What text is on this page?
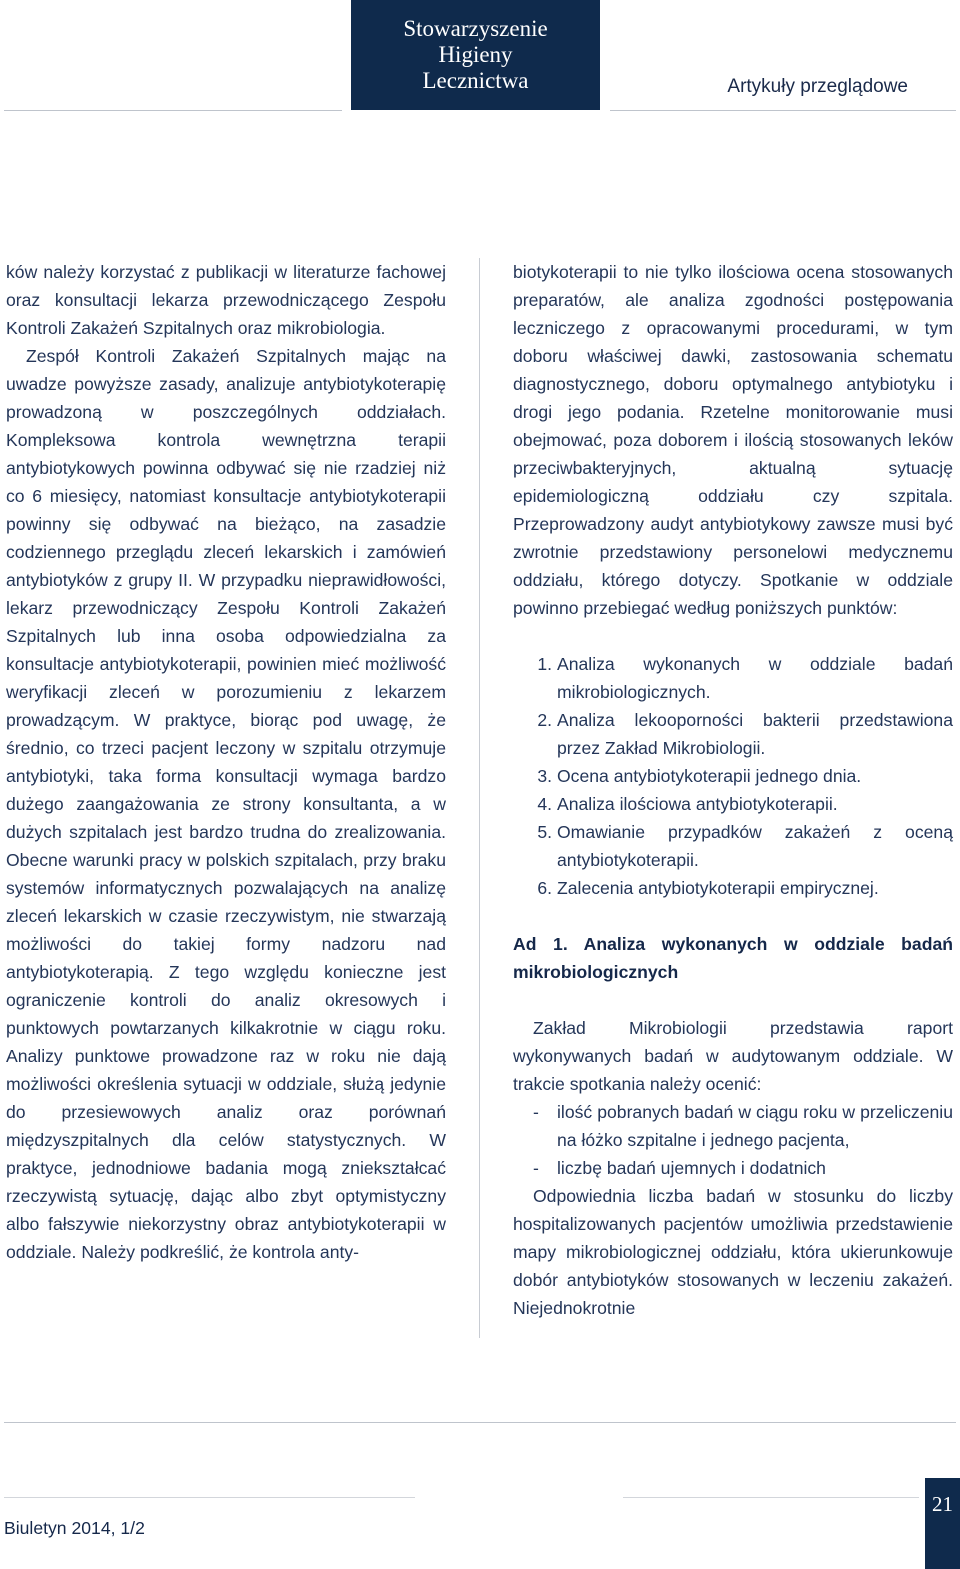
Stowarzyszenie
Higieny
Lecznictwa	Artykuły przeglądowe

ków należy korzystać z publikacji w literaturze fachowej oraz konsultacji lekarza przewodniczącego Zespołu Kontroli Zakażeń Szpitalnych oraz mikrobiologia.

Zespół Kontroli Zakażeń Szpitalnych mając na uwadze powyższe zasady, analizuje antybiotykoterapię prowadzoną w poszczególnych oddziałach. Kompleksowa kontrola wewnętrzna terapii antybiotykowych powinna odbywać się nie rzadziej niż co 6 miesięcy, natomiast konsultacje antybiotykoterapii powinny się odbywać na bieżąco, na zasadzie codziennego przeglądu zleceń lekarskich i zamówień antybiotyków z grupy II. W przypadku nieprawidłowości, lekarz przewodniczący Zespołu Kontroli Zakażeń Szpitalnych lub inna osoba odpowiedzialna za konsultacje antybiotykoterapii, powinien mieć możliwość weryfikacji zleceń w porozumieniu z lekarzem prowadzącym. W praktyce, biorąc pod uwagę, że średnio, co trzeci pacjent leczony w szpitalu otrzymuje antybiotyki, taka forma konsultacji wymaga bardzo dużego zaangażowania ze strony konsultanta, a w dużych szpitalach jest bardzo trudna do zrealizowania. Obecne warunki pracy w polskich szpitalach, przy braku systemów informatycznych pozwalających na analizę zleceń lekarskich w czasie rzeczywistym, nie stwarzają możliwości do takiej formy nadzoru nad antybiotykoterapią. Z tego względu konieczne jest ograniczenie kontroli do analiz okresowych i punktowych powtarzanych kilkakrotnie w ciągu roku. Analizy punktowe prowadzone raz w roku nie dają możliwości określenia sytuacji w oddziale, służą jedynie do przesiewowych analiz oraz porównań międzyszpitalnych dla celów statystycznych. W praktyce, jednodniowe badania mogą zniekształcać rzeczywistą sytuację, dając albo zbyt optymistyczny albo fałszywie niekorzystny obraz antybiotykoterapii w oddziale. Należy podkreślić, że kontrola anty-

biotykoterapii to nie tylko ilościowa ocena stosowanych preparatów, ale analiza zgodności postępowania leczniczego z opracowanymi procedurami, w tym doboru właściwej dawki, zastosowania schematu diagnostycznego, doboru optymalnego antybiotyku i drogi jego podania. Rzetelne monitorowanie musi obejmować, poza doborem i ilością stosowanych leków przeciwbakteryjnych, aktualną sytuację epidemiologiczną oddziału czy szpitala. Przeprowadzony audyt antybiotykowy zawsze musi być zwrotnie przedstawiony personelowi medycznemu oddziału, którego dotyczy. Spotkanie w oddziale powinno przebiegać według poniższych punktów:

1. Analiza wykonanych w oddziale badań mikrobiologicznych.
2. Analiza lekooporności bakterii przedstawiona przez Zakład Mikrobiologii.
3. Ocena antybiotykoterapii jednego dnia.
4. Analiza ilościowa antybiotykoterapii.
5. Omawianie przypadków zakażeń z oceną antybiotykoterapii.
6. Zalecenia antybiotykoterapii empirycznej.

Ad 1. Analiza wykonanych w oddziale badań mikrobiologicznych

Zakład Mikrobiologii przedstawia raport wykonywanych badań w audytowanym oddziale. W trakcie spotkania należy ocenić:

-	ilość pobranych badań w ciągu roku w przeliczeniu na łóżko szpitalne i jednego pacjenta,
-	liczbę badań ujemnych i dodatnich

Odpowiednia liczba badań w stosunku do liczby hospitalizowanych pacjentów umożliwia przedstawienie mapy mikrobiologicznej oddziału, która ukierunkowuje dobór antybiotyków stosowanych w leczeniu zakażeń. Niejednokrotnie

Biuletyn 2014, 1/2
21
